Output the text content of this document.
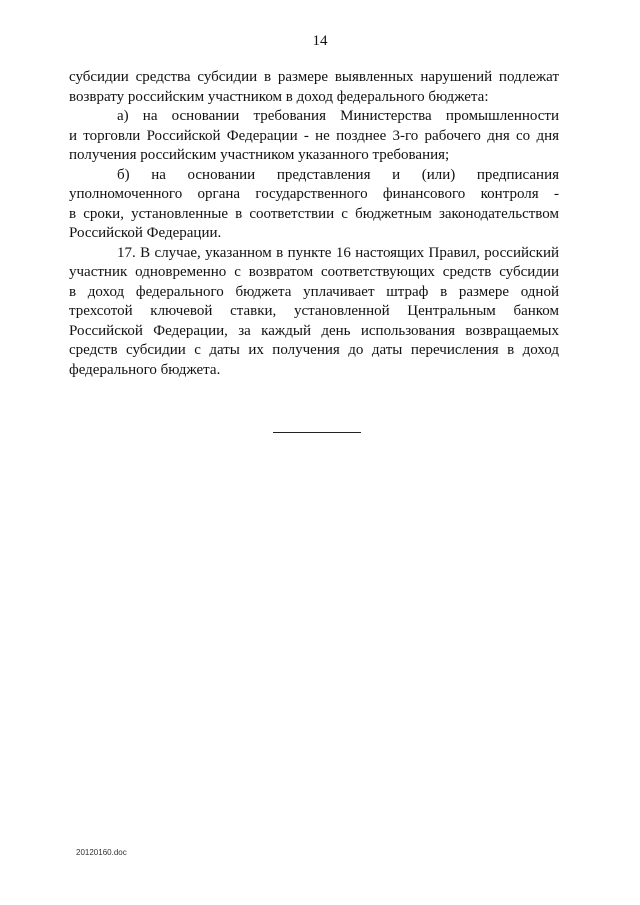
14
субсидии средства субсидии в размере выявленных нарушений подлежат
возврату российским участником в доход федерального бюджета:
а) на основании требования Министерства промышленности
и торговли Российской Федерации - не позднее 3-го рабочего дня со дня
получения российским участником указанного требования;
б) на основании представления и (или) предписания
уполномоченного органа государственного финансового контроля -
в сроки, установленные в соответствии с бюджетным законодательством
Российской Федерации.
17. В случае, указанном в пункте 16 настоящих Правил, российский
участник одновременно с возвратом соответствующих средств субсидии
в доход федерального бюджета уплачивает штраф в размере одной
трехсотой ключевой ставки, установленной Центральным банком
Российской Федерации, за каждый день использования возвращаемых
средств субсидии с даты их получения до даты перечисления в доход
федерального бюджета.
20120160.doc
